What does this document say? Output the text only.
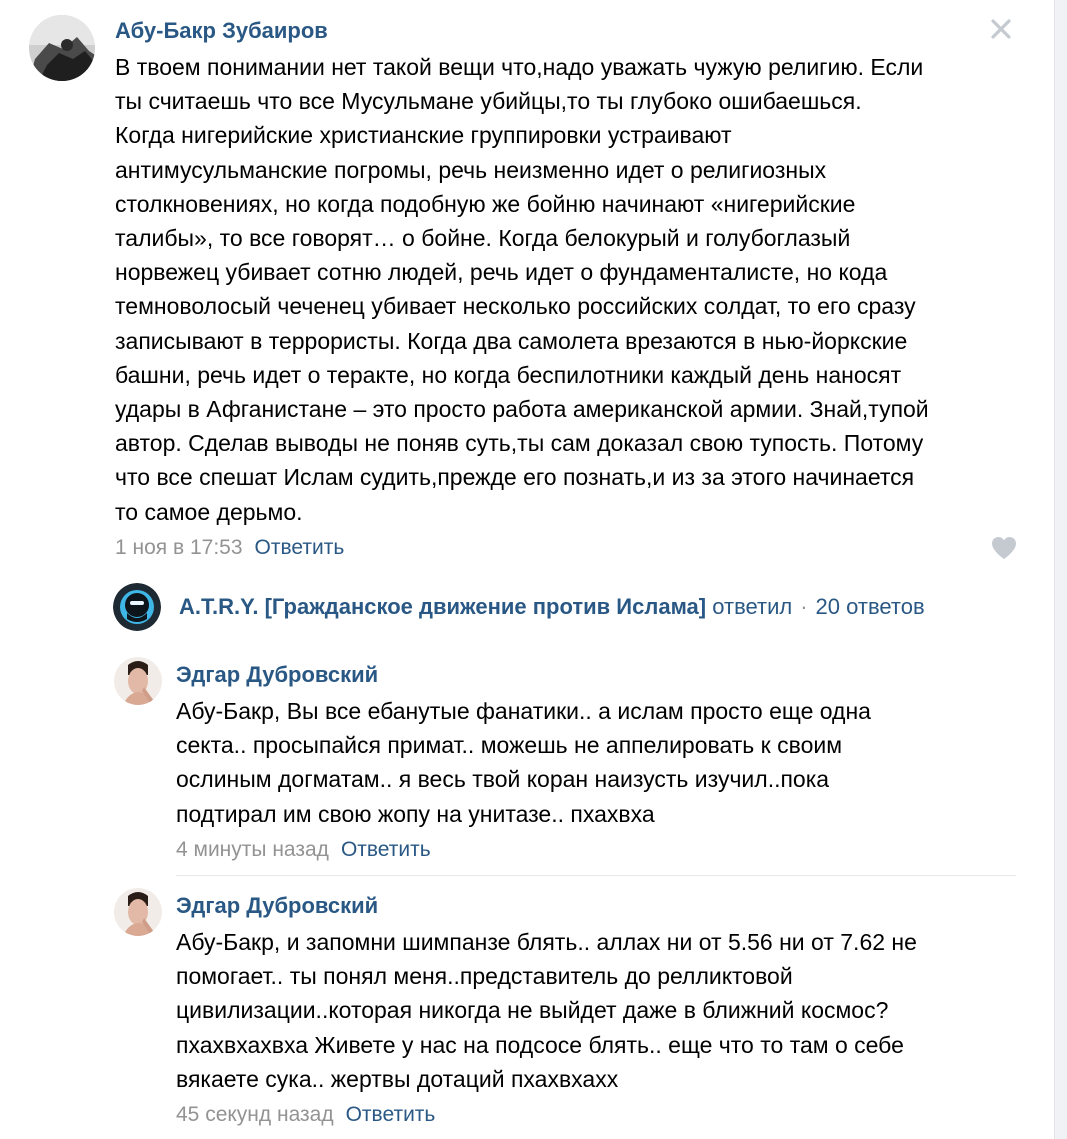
Абу-Бакр Зубаиров
В твоем понимании нет такой вещи что,надо уважать чужую религию. Если
ты считаешь что все Мусульмане убийцы,то ты глубоко ошибаешься.
Когда нигерийские христианские группировки устраивают
антимусульманские погромы, речь неизменно идет о религиозных
столкновениях, но когда подобную же бойню начинают «нигерийские
талибы», то все говорят… о бойне. Когда белокурый и голубоглазый
норвежец убивает сотню людей, речь идет о фундаменталисте, но кода
темноволосый чеченец убивает несколько российских солдат, то его сразу
записывают в террористы. Когда два самолета врезаются в нью-йоркские
башни, речь идет о теракте, но когда беспилотники каждый день наносят
удары в Афганистане – это просто работа американской армии. Знай,тупой
автор. Сделав выводы не поняв суть,ты сам доказал свою тупость. Потому
что все спешат Ислам судить,прежде его познать,и из за этого начинается
то самое дерьмо.
1 ноя в 17:53 Ответить
A.T.R.Y. [Гражданское движение против Ислама] ответил · 20 ответов
Эдгар Дубровский
Абу-Бакр, Вы все ебанутые фанатики.. а ислам просто еще одна
секта.. просыпайся примат.. можешь не аппелировать к своим
ослиным догматам.. я весь твой коран наизусть изучил..пока
подтирал им свою жопу на унитазе.. пхахвха
4 минуты назад Ответить
Эдгар Дубровский
Абу-Бакр, и запомни шимпанзе блять.. аллах ни от 5.56 ни от 7.62 не
помогает.. ты понял меня..представитель до релликтовой
цивилизации..которая никогда не выйдет даже в ближний космос?
пхахвхахвха Живете у нас на подсосе блять.. еще что то там о себе
вякаете сука.. жертвы дотаций пхахвхаxx
45 секунд назад Ответить
